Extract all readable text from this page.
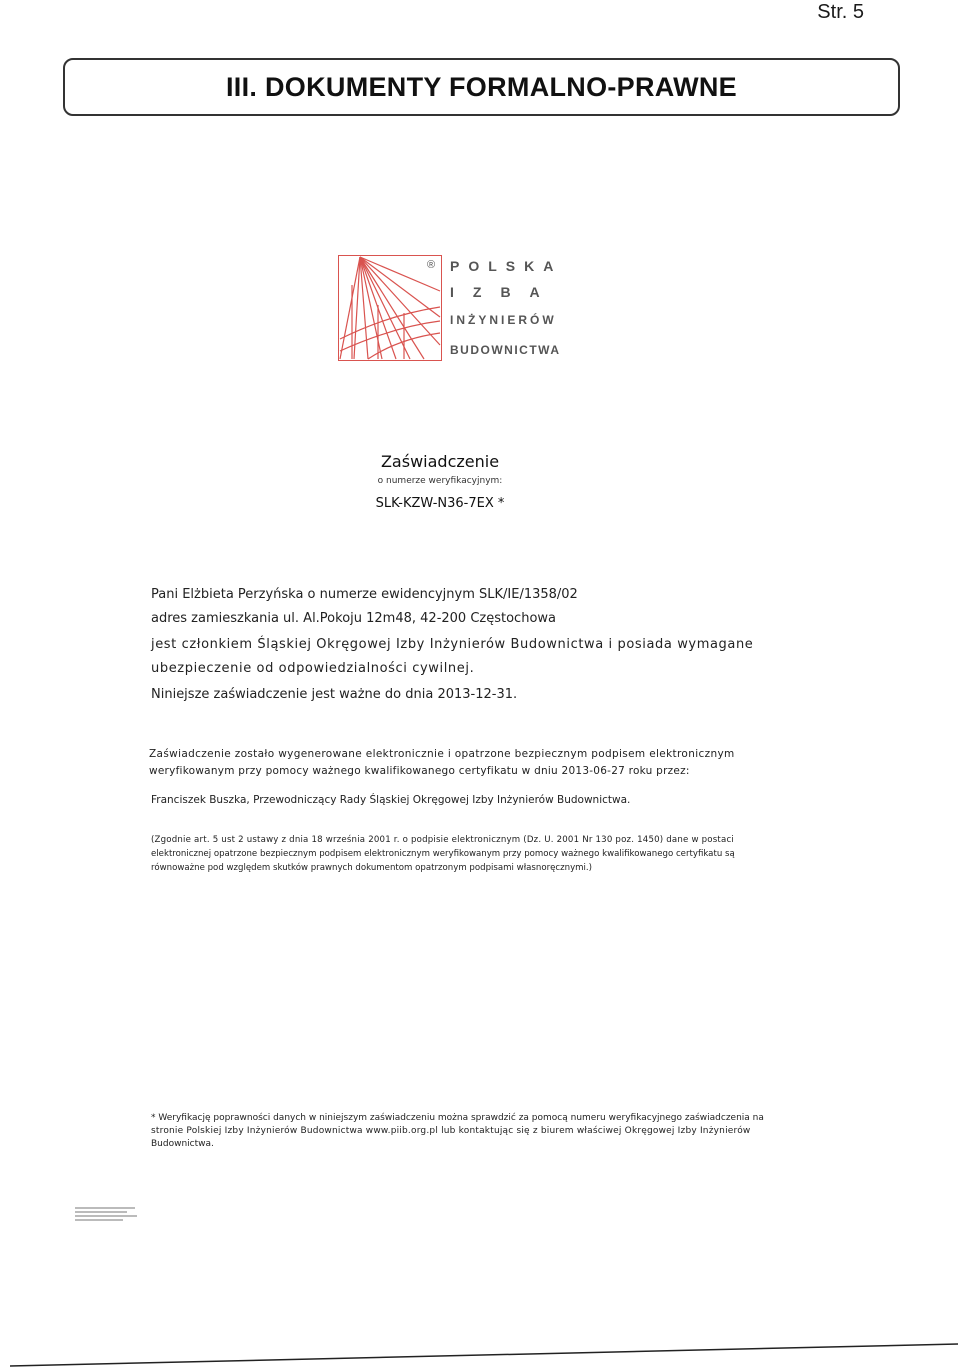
Str. 5
III. DOKUMENTY FORMALNO-PRAWNE
® POLSKA
IZBA
INŻYNIERÓW
BUDOWNICTWA
Zaświadczenie
o numerze weryfikacyjnym:
SLK-KZW-N36-7EX *
Pani Elżbieta Perzyńska o numerze ewidencyjnym SLK/IE/1358/02
adres zamieszkania ul. Al.Pokoju 12m48, 42-200 Częstochowa
jest członkiem Śląskiej Okręgowej Izby Inżynierów Budownictwa i posiada wymagane
ubezpieczenie od odpowiedzialności cywilnej.
Niniejsze zaświadczenie jest ważne do dnia 2013-12-31.
Zaświadczenie zostało wygenerowane elektronicznie i opatrzone bezpiecznym podpisem elektronicznym
weryfikowanym przy pomocy ważnego kwalifikowanego certyfikatu w dniu 2013-06-27 roku przez:
Franciszek Buszka, Przewodniczący Rady Śląskiej Okręgowej Izby Inżynierów Budownictwa.
(Zgodnie art. 5 ust 2 ustawy z dnia 18 września 2001 r. o podpisie elektronicznym (Dz. U. 2001 Nr 130 poz. 1450) dane w postaci
elektronicznej opatrzone bezpiecznym podpisem elektronicznym weryfikowanym przy pomocy ważnego kwalifikowanego certyfikatu są
równoważne pod względem skutków prawnych dokumentom opatrzonym podpisami własnoręcznymi.)
* Weryfikację poprawności danych w niniejszym zaświadczeniu można sprawdzić za pomocą numeru weryfikacyjnego zaświadczenia na
stronie Polskiej Izby Inżynierów Budownictwa www.piib.org.pl lub kontaktując się z biurem właściwej Okręgowej Izby Inżynierów
Budownictwa.
